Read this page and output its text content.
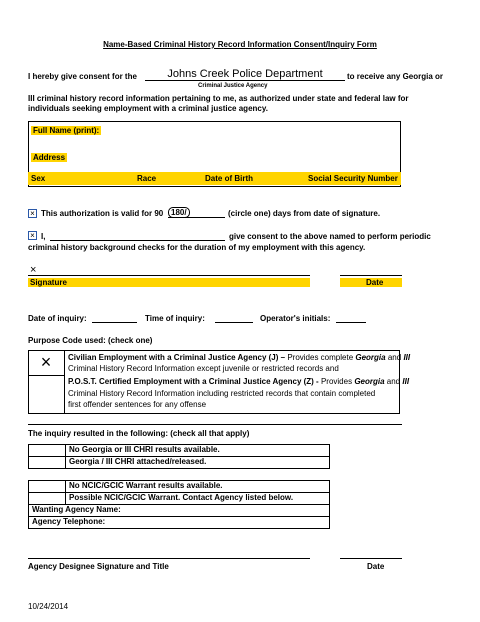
Name-Based Criminal History Record Information Consent/Inquiry Form
I hereby give consent for the	Johns Creek Police Department	to receive any Georgia or
Criminal Justice Agency
III criminal history record information pertaining to me, as authorized under state and federal law for
individuals seeking employment with a criminal justice agency.
Full Name (print):
Address
Sex	Race	Date of Birth	Social Security Number
× This authorization is valid for 90 180/	(circle one) days from date of signature.
× I,	give consent to the above named to perform periodic
criminal history background checks for the duration of my employment with this agency.
×
Signature	Date
Date of inquiry:	Time of inquiry:	Operator's initials:
Purpose Code used: (check one)
×	Civilian Employment with a Criminal Justice Agency (J) – Provides complete Georgia and III
Criminal History Record Information except juvenile or restricted records and
P.O.S.T. Certified Employment with a Criminal Justice Agency (Z) - Provides Georgia and III
Criminal History Record Information including restricted records that contain completed
first offender sentences for any offense
The inquiry resulted in the following: (check all that apply)
	No Georgia or III CHRI results available.
	Georgia / III CHRI attached/released.
	No NCIC/GCIC Warrant results available.
	Possible NCIC/GCIC Warrant. Contact Agency listed below.
Wanting Agency Name:	
Agency Telephone:	
Agency Designee Signature and Title	Date
10/24/2014
